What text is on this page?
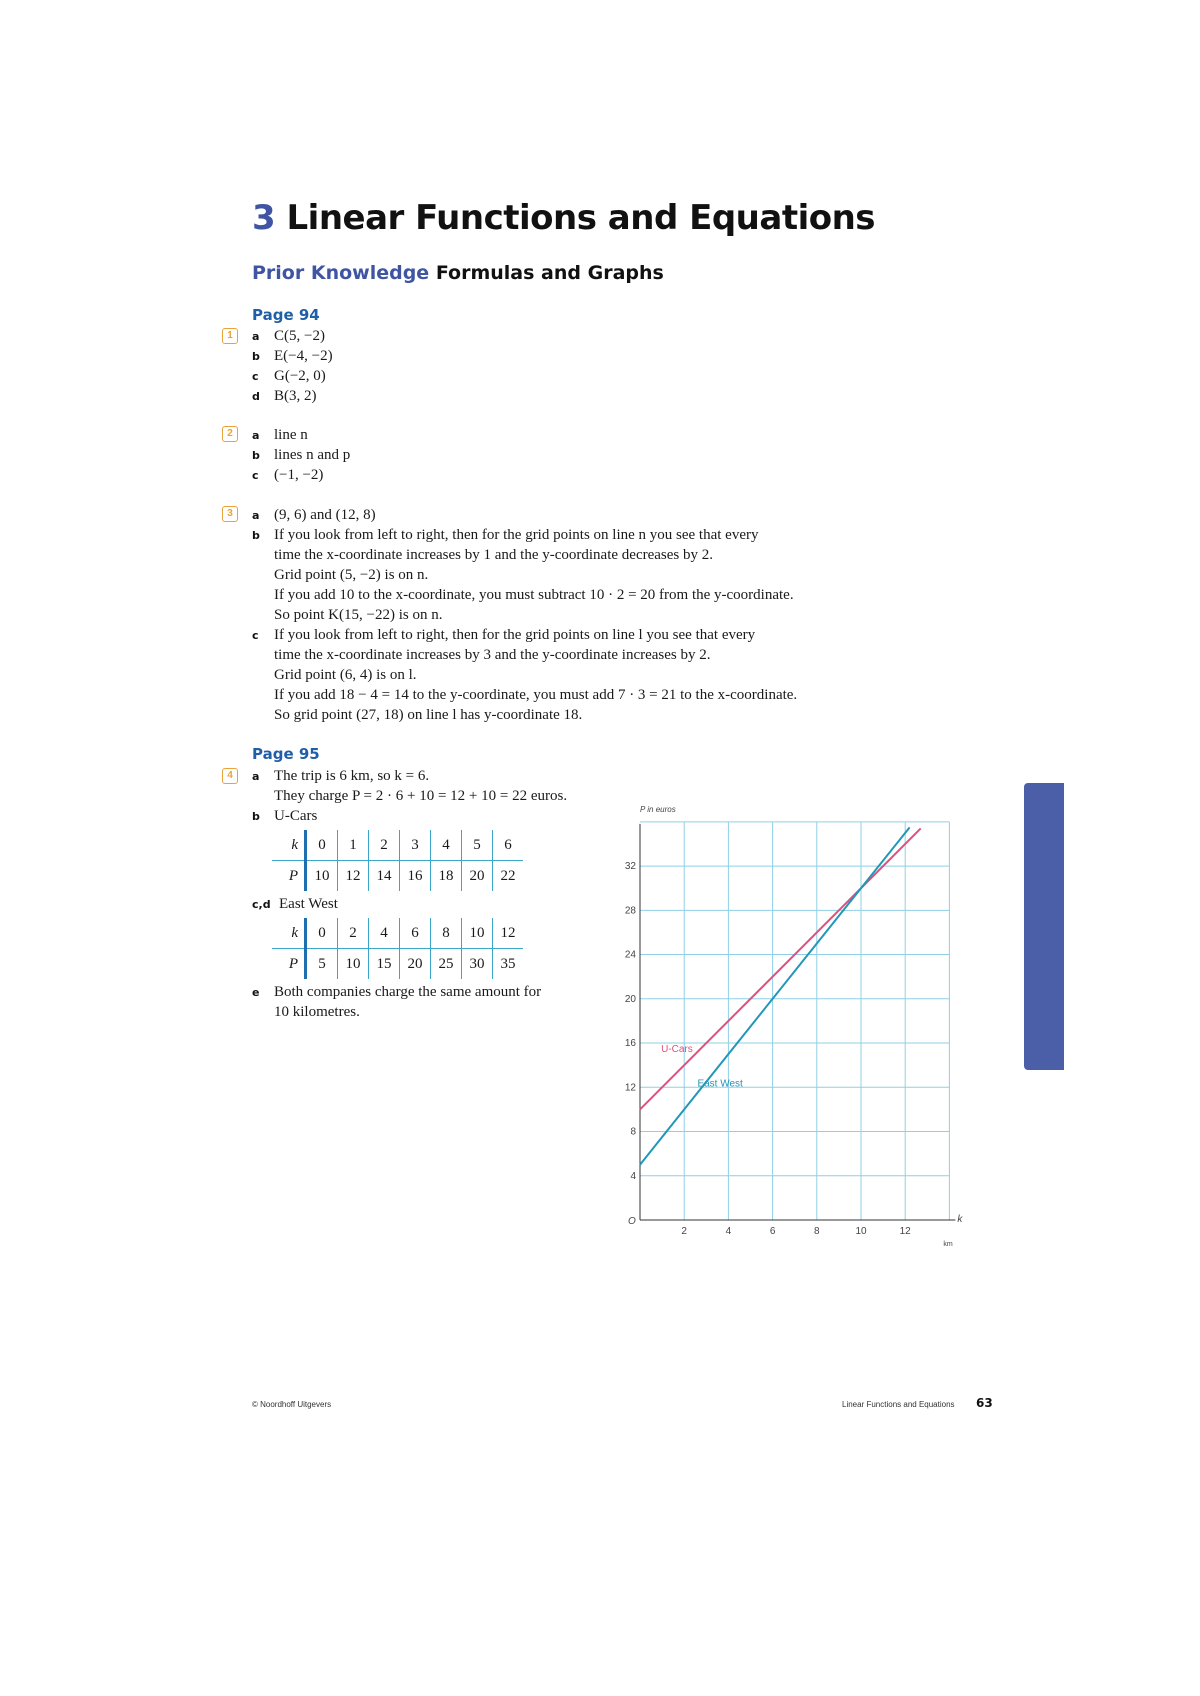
3 Linear Functions and Equations
Prior Knowledge Formulas and Graphs
Page 94
1	a C(5, −2)
b E(−4, −2)
c G(−2, 0)
d B(3, 2)
2	a line n
b lines n and p
c (−1, −2)
3	a (9, 6) and (12, 8)
b If you look from left to right, then for the grid points on line n you see that every
time the x-coordinate increases by 1 and the y-coordinate decreases by 2.
Grid point (5, −2) is on n.
If you add 10 to the x-coordinate, you must subtract 10 · 2 = 20 from the y-coordinate.
So point K(15, −22) is on n.
c If you look from left to right, then for the grid points on line l you see that every
time the x-coordinate increases by 3 and the y-coordinate increases by 2.
Grid point (6, 4) is on l.
If you add 18 − 4 = 14 to the y-coordinate, you must add 7 · 3 = 21 to the x-coordinate.
So grid point (27, 18) on line l has y-coordinate 18.
Page 95
4	a The trip is 6 km, so k = 6.
They charge P = 2 · 6 + 10 = 12 + 10 = 22 euros.
b U-Cars
k	0	1	2	3	4	5	6
P	10	12	14	16	18	20	22
c,d East West
k	0	2	4	6	8	10	12
P	5	10	15	20	25	30	35
e Both companies charge the same amount for
10 kilometres.
2	4	6	8	10	12
4
8
12
16
20
24
28
32
P in euros
k
km
O
U-Cars
East West
© Noordhoff Uitgevers	Linear Functions and Equations 63
